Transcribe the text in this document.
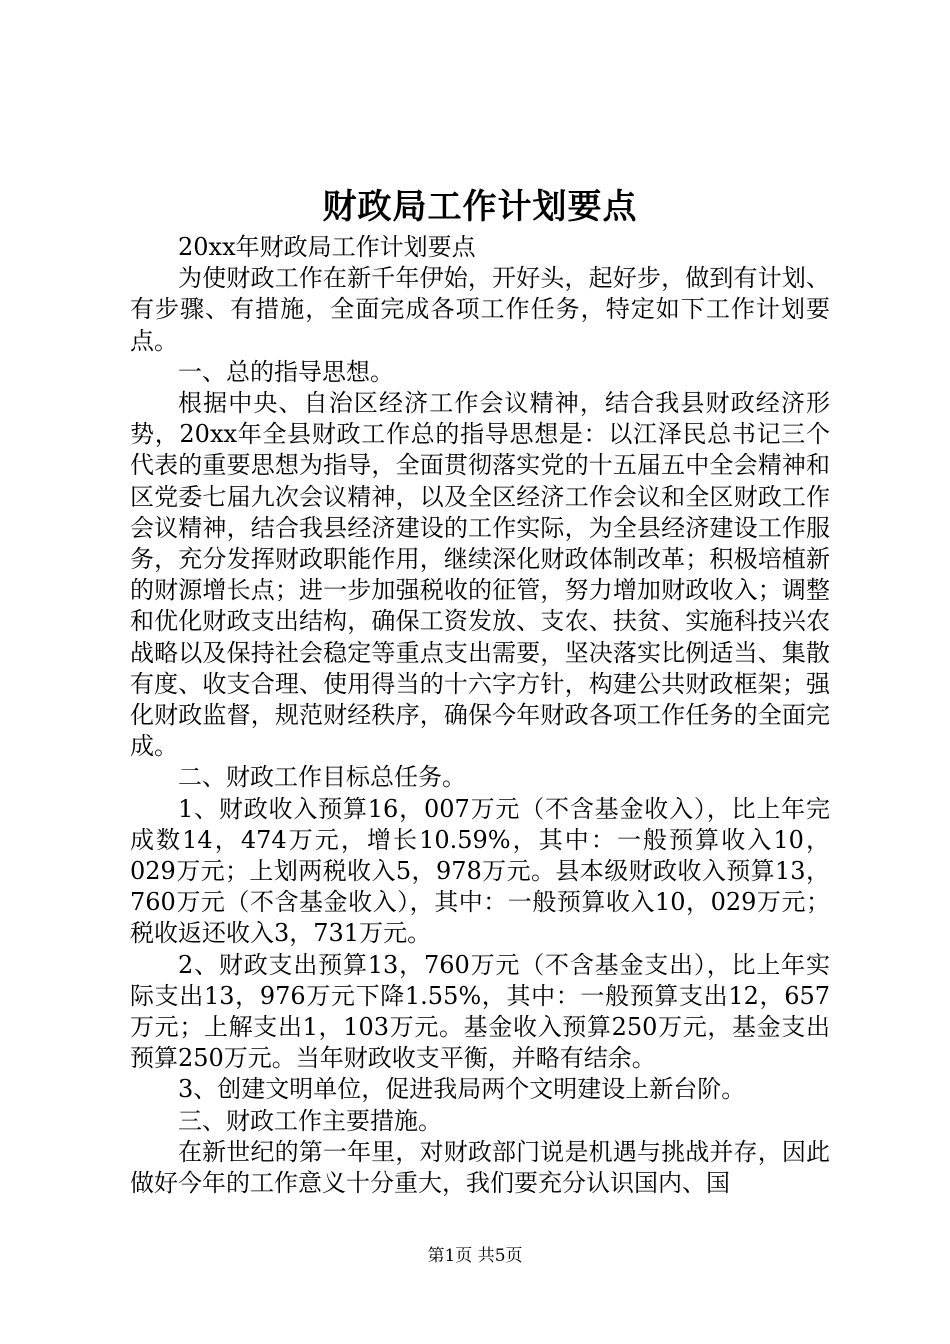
财政局工作计划要点

20xx年财政局工作计划要点

为使财政工作在新千年伊始，开好头，起好步，做到有计划、有步骤、有措施，全面完成各项工作任务，特定如下工作计划要点。

一、总的指导思想。

根据中央、自治区经济工作会议精神，结合我县财政经济形势，20xx年全县财政工作总的指导思想是：以江泽民总书记三个代表的重要思想为指导，全面贯彻落实党的十五届五中全会精神和区党委七届九次会议精神，以及全区经济工作会议和全区财政工作会议精神，结合我县经济建设的工作实际，为全县经济建设工作服务，充分发挥财政职能作用，继续深化财政体制改革；积极培植新的财源增长点；进一步加强税收的征管，努力增加财政收入；调整和优化财政支出结构，确保工资发放、支农、扶贫、实施科技兴农战略以及保持社会稳定等重点支出需要，坚决落实比例适当、集散有度、收支合理、使用得当的十六字方针，构建公共财政框架；强化财政监督，规范财经秩序，确保今年财政各项工作任务的全面完成。

二、财政工作目标总任务。

1、财政收入预算16，007万元（不含基金收入），比上年完成数14，474万元，增长10.59%，其中：一般预算收入10，029万元；上划两税收入5，978万元。县本级财政收入预算13，760万元（不含基金收入），其中：一般预算收入10，029万元；税收返还收入3，731万元。

2、财政支出预算13，760万元（不含基金支出），比上年实际支出13，976万元下降1.55%，其中：一般预算支出12，657万元；上解支出1，103万元。基金收入预算250万元，基金支出预算250万元。当年财政收支平衡，并略有结余。

3、创建文明单位，促进我局两个文明建设上新台阶。

三、财政工作主要措施。

在新世纪的第一年里，对财政部门说是机遇与挑战并存，因此做好今年的工作意义十分重大，我们要充分认识国内、国

第1页 共5页
